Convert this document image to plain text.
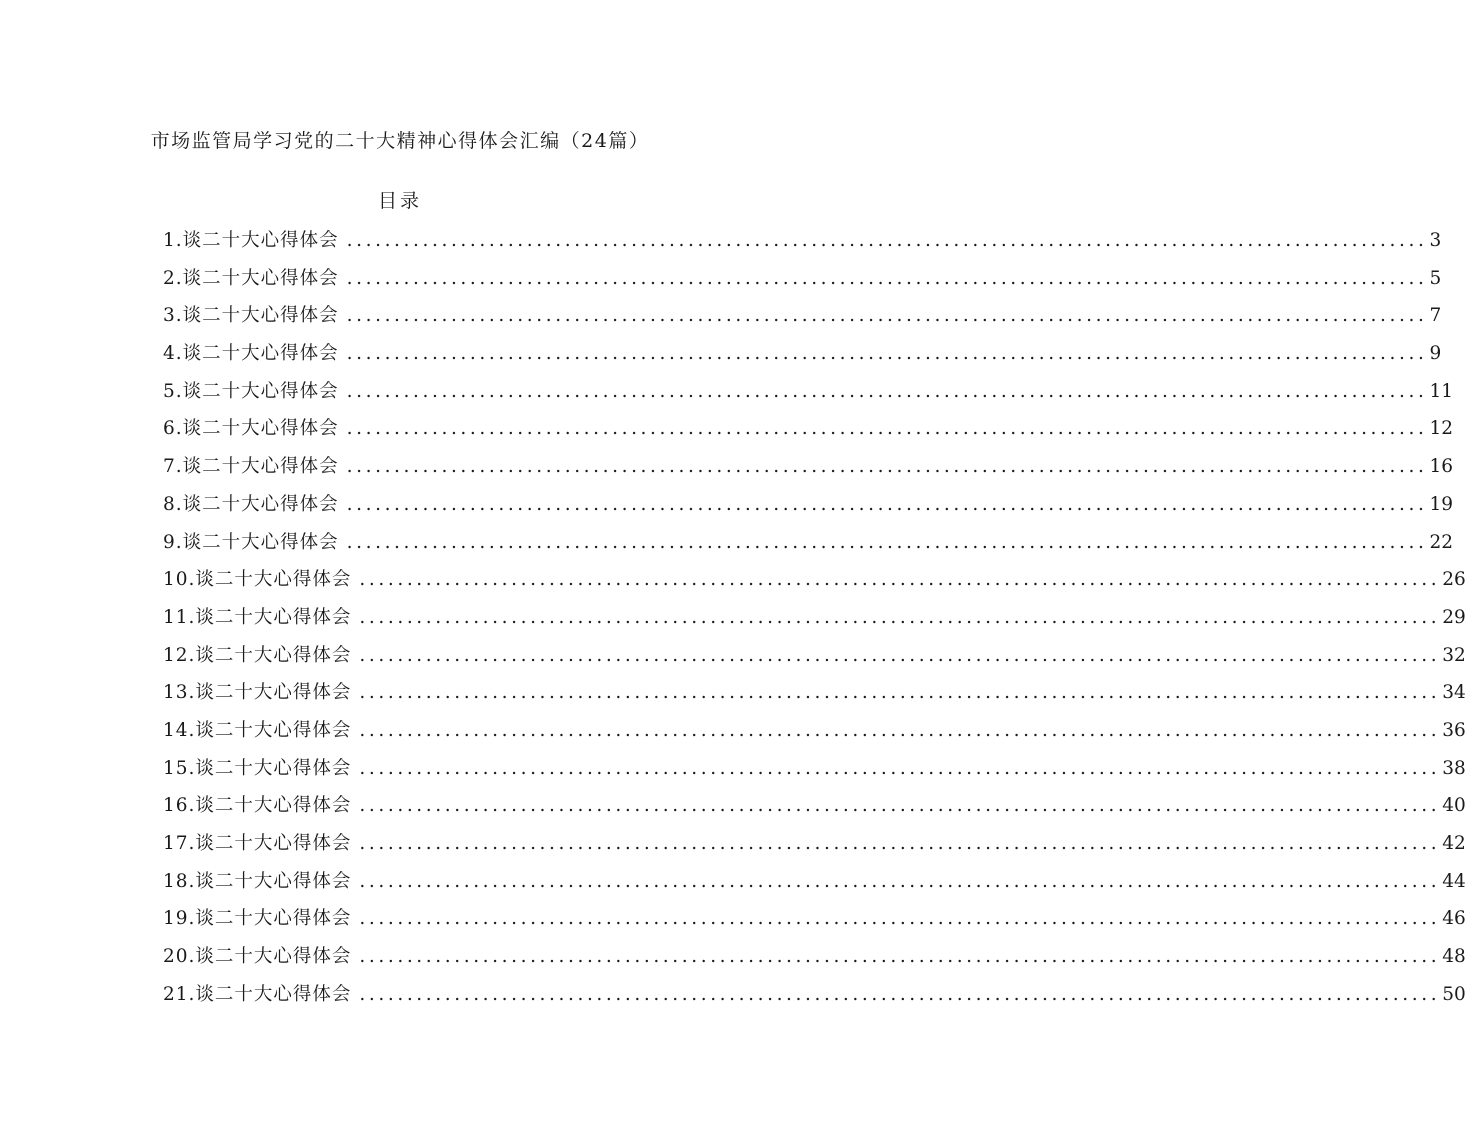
市场监管局学习党的二十大精神心得体会汇编（24篇）
目录
1.谈二十大心得体会 .................................................................................................................. 3
2.谈二十大心得体会 .................................................................................................................. 5
3.谈二十大心得体会 .................................................................................................................. 7
4.谈二十大心得体会 .................................................................................................................. 9
5.谈二十大心得体会 .................................................................................................................. 11
6.谈二十大心得体会 .................................................................................................................. 12
7.谈二十大心得体会 .................................................................................................................. 16
8.谈二十大心得体会 .................................................................................................................. 19
9.谈二十大心得体会 .................................................................................................................. 22
10.谈二十大心得体会 .................................................................................................................. 26
11.谈二十大心得体会 .................................................................................................................. 29
12.谈二十大心得体会 .................................................................................................................. 32
13.谈二十大心得体会 .................................................................................................................. 34
14.谈二十大心得体会 .................................................................................................................. 36
15.谈二十大心得体会 .................................................................................................................. 38
16.谈二十大心得体会 .................................................................................................................. 40
17.谈二十大心得体会 .................................................................................................................. 42
18.谈二十大心得体会 .................................................................................................................. 44
19.谈二十大心得体会 .................................................................................................................. 46
20.谈二十大心得体会 .................................................................................................................. 48
21.谈二十大心得体会 .................................................................................................................. 50
